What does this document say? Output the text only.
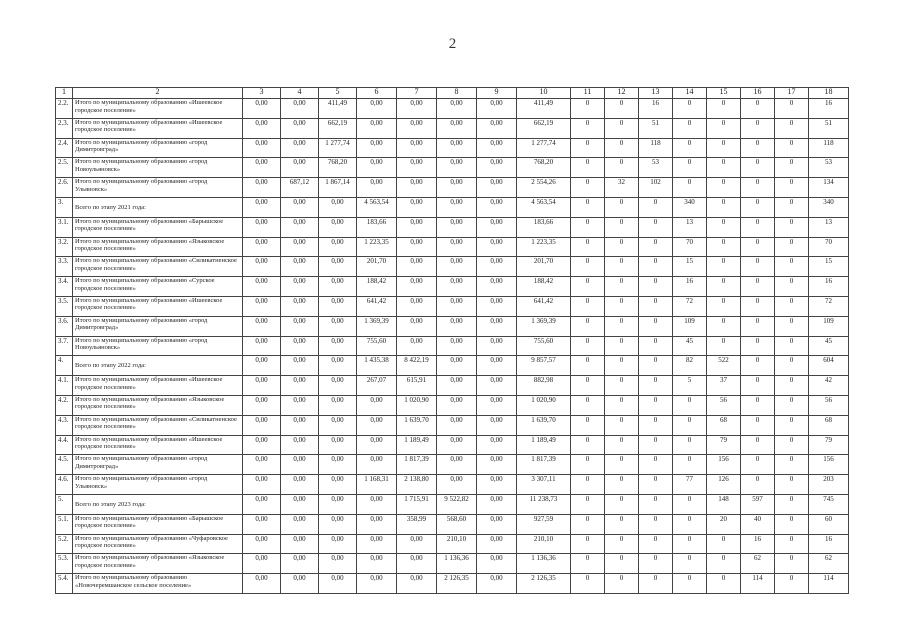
2
1	2	3	4	5	6	7	8	9	10	11	12	13	14	15	16	17	18
2.2.	Итого по муниципальному образованию «Ишеевское городское поселение»	0,00	0,00	411,49	0,00	0,00	0,00	0,00	411,49	0	0	16	0	0	0	0	16
2.3.	Итого по муниципальному образованию «Ишеевское городское поселение»	0,00	0,00	662,19	0,00	0,00	0,00	0,00	662,19	0	0	51	0	0	0	0	51
2.4.	Итого по муниципальному образованию «город Димитровград»	0,00	0,00	1 277,74	0,00	0,00	0,00	0,00	1 277,74	0	0	118	0	0	0	0	118
2.5.	Итого по муниципальному образованию «город Новоульяновск»	0,00	0,00	768,20	0,00	0,00	0,00	0,00	768,20	0	0	53	0	0	0	0	53
2.6.	Итого по муниципальному образованию «город Ульяновск»	0,00	687,12	1 867,14	0,00	0,00	0,00	0,00	2 554,26	0	32	102	0	0	0	0	134
3.	Всего по этапу 2021 года:	0,00	0,00	0,00	4 563,54	0,00	0,00	0,00	4 563,54	0	0	0	340	0	0	0	340
3.1.	Итого по муниципальному образованию «Барышское городское поселение»	0,00	0,00	0,00	183,66	0,00	0,00	0,00	183,66	0	0	0	13	0	0	0	13
3.2.	Итого по муниципальному образованию «Языковское городское поселение»	0,00	0,00	0,00	1 223,35	0,00	0,00	0,00	1 223,35	0	0	0	70	0	0	0	70
3.3.	Итого по муниципальному образованию «Силикатненское городское поселение»	0,00	0,00	0,00	201,70	0,00	0,00	0,00	201,70	0	0	0	15	0	0	0	15
3.4.	Итого по муниципальному образованию «Сурское городское поселение»	0,00	0,00	0,00	188,42	0,00	0,00	0,00	188,42	0	0	0	16	0	0	0	16
3.5.	Итого по муниципальному образованию «Ишеевское городское поселение»	0,00	0,00	0,00	641,42	0,00	0,00	0,00	641,42	0	0	0	72	0	0	0	72
3.6.	Итого по муниципальному образованию «город Димитровград»	0,00	0,00	0,00	1 369,39	0,00	0,00	0,00	1 369,39	0	0	0	109	0	0	0	109
3.7.	Итого по муниципальному образованию «город Новоульяновск»	0,00	0,00	0,00	755,60	0,00	0,00	0,00	755,60	0	0	0	45	0	0	0	45
4.	Всего по этапу 2022 года:	0,00	0,00	0,00	1 435,38	8 422,19	0,00	0,00	9 857,57	0	0	0	82	522	0	0	604
4.1.	Итого по муниципальному образованию «Ишеевское городское поселение»	0,00	0,00	0,00	267,07	615,91	0,00	0,00	882,98	0	0	0	5	37	0	0	42
4.2.	Итого по муниципальному образованию «Языковское городское поселение»	0,00	0,00	0,00	0,00	1 020,90	0,00	0,00	1 020,90	0	0	0	0	56	0	0	56
4.3.	Итого по муниципальному образованию «Силикатненское городское поселение»	0,00	0,00	0,00	0,00	1 639,70	0,00	0,00	1 639,70	0	0	0	0	68	0	0	68
4.4.	Итого по муниципальному образованию «Ишеевское городское поселение»	0,00	0,00	0,00	0,00	1 189,49	0,00	0,00	1 189,49	0	0	0	0	79	0	0	79
4.5.	Итого по муниципальному образованию «город Димитровград»	0,00	0,00	0,00	0,00	1 817,39	0,00	0,00	1 817,39	0	0	0	0	156	0	0	156
4.6.	Итого по муниципальному образованию «город Ульяновск»	0,00	0,00	0,00	1 168,31	2 138,80	0,00	0,00	3 307,11	0	0	0	77	126	0	0	203
5.	Всего по этапу 2023 года:	0,00	0,00	0,00	0,00	1 715,91	9 522,82	0,00	11 238,73	0	0	0	0	148	597	0	745
5.1.	Итого по муниципальному образованию «Барышское городское поселение»	0,00	0,00	0,00	0,00	358,99	568,60	0,00	927,59	0	0	0	0	20	40	0	60
5.2.	Итого по муниципальному образованию «Чуфаровское городское поселение»	0,00	0,00	0,00	0,00	0,00	210,10	0,00	210,10	0	0	0	0	0	16	0	16
5.3.	Итого по муниципальному образованию «Языковское городское поселение»	0,00	0,00	0,00	0,00	0,00	1 136,36	0,00	1 136,36	0	0	0	0	0	62	0	62
5.4.	Итого по муниципальному образованию «Новочеремшанское сельское поселение»	0,00	0,00	0,00	0,00	0,00	2 126,35	0,00	2 126,35	0	0	0	0	0	114	0	114
